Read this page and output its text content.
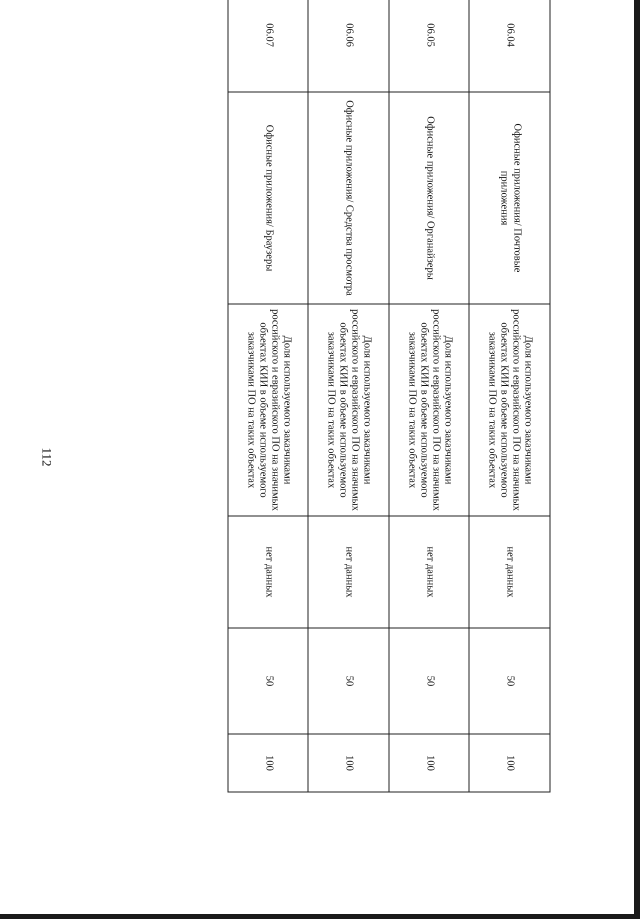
112
06.04	Офисные приложения/ Почтовые приложения	Доля используемого заказчиками российского и евразийского ПО на значимых объектах КИИ в объеме используемого заказчиками ПО на таких объектах	нет данных	50	100
06.05	Офисные приложения/ Органайзеры	Доля используемого заказчиками российского и евразийского ПО на значимых объектах КИИ в объеме используемого заказчиками ПО на таких объектах	нет данных	50	100
06.06	Офисные приложения/ Средства просмотра	Доля используемого заказчиками российского и евразийского ПО на значимых объектах КИИ в объеме используемого заказчиками ПО на таких объектах	нет данных	50	100
06.07	Офисные приложения/ Браузеры	Доля используемого заказчиками российского и евразийского ПО на значимых объектах КИИ в объеме используемого заказчиками ПО на таких объектах	нет данных	50	100
